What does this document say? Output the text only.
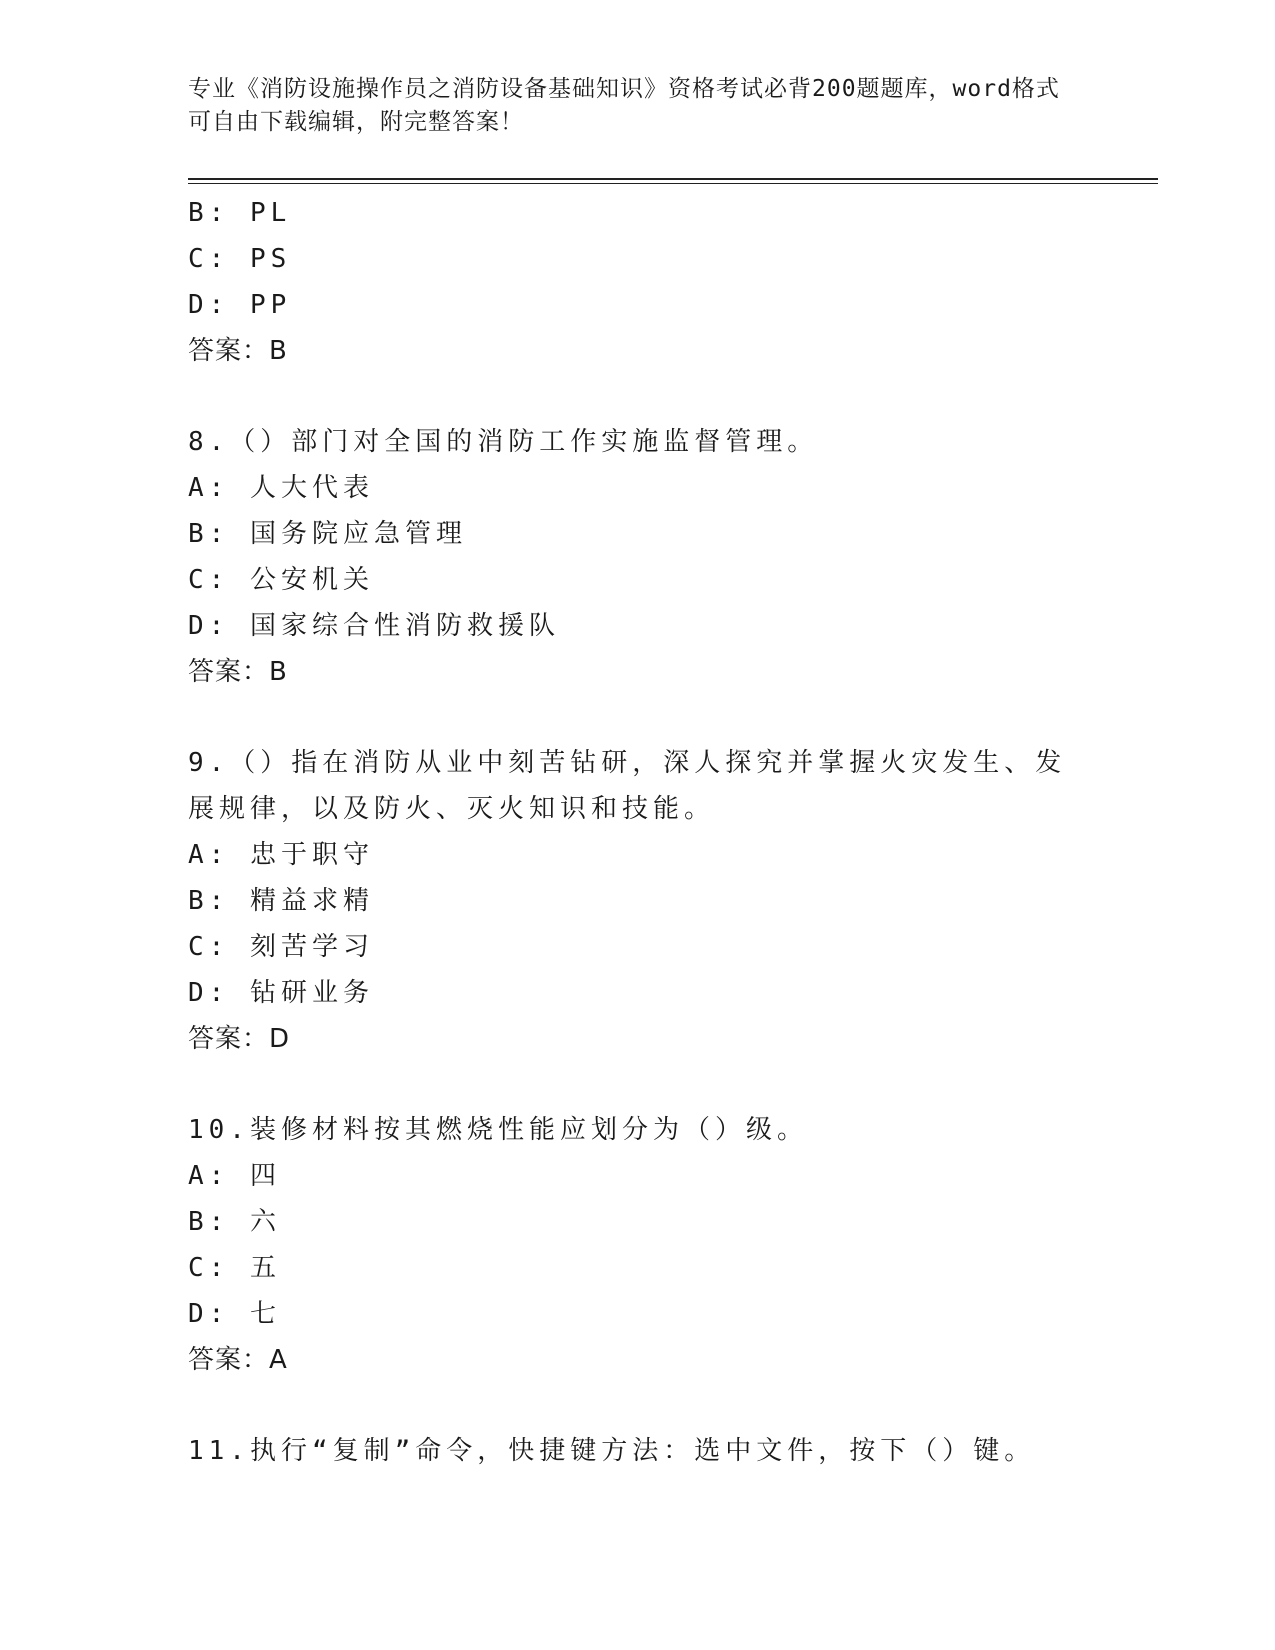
专业《消防设施操作员之消防设备基础知识》资格考试必背200题题库，word格式可自由下载编辑，附完整答案！
B: PL
C: PS
D: PP
答案：B
8.（）部门对全国的消防工作实施监督管理。
A: 人大代表
B: 国务院应急管理
C: 公安机关
D: 国家综合性消防救援队
答案：B
9.（）指在消防从业中刻苦钻研，深人探究并掌握火灾发生、发展规律，以及防火、灭火知识和技能。
A: 忠于职守
B: 精益求精
C: 刻苦学习
D: 钻研业务
答案：D
10.装修材料按其燃烧性能应划分为（）级。
A: 四
B: 六
C: 五
D: 七
答案：A
11.执行“复制”命令，快捷键方法：选中文件，按下（）键。
